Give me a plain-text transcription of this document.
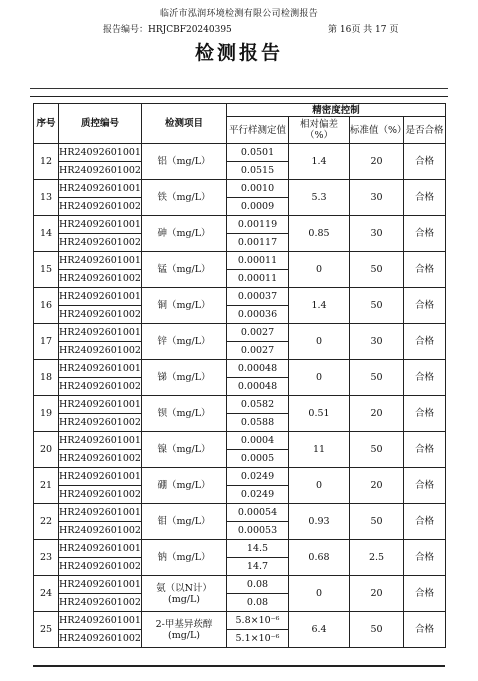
临沂市泓润环境检测有限公司检测报告
报告编号：HRJCBF20240395	第 16页 共 17 页
检测报告
序号	质控编号	检测项目	精密度控制			
			平行样测定值	相对偏差（%）	标准值（%）	是否合格
12	HR24092601001	铝（mg/L）	0.0501	1.4	20	合格
	HR24092601002		0.0515			
13	HR24092601001	铁（mg/L）	0.0010	5.3	30	合格
	HR24092601002		0.0009			
14	HR24092601001	砷（mg/L）	0.00119	0.85	30	合格
	HR24092601002		0.00117			
15	HR24092601001	锰（mg/L）	0.00011	0	50	合格
	HR24092601002		0.00011			
16	HR24092601001	铜（mg/L）	0.00037	1.4	50	合格
	HR24092601002		0.00036			
17	HR24092601001	锌（mg/L）	0.0027	0	30	合格
	HR24092601002		0.0027			
18	HR24092601001	锑（mg/L）	0.00048	0	50	合格
	HR24092601002		0.00048			
19	HR24092601001	钡（mg/L）	0.0582	0.51	20	合格
	HR24092601002		0.0588			
20	HR24092601001	镍（mg/L）	0.0004	11	50	合格
	HR24092601002		0.0005			
21	HR24092601001	硼（mg/L）	0.0249	0	20	合格
	HR24092601002		0.0249			
22	HR24092601001	钼（mg/L）	0.00054	0.93	50	合格
	HR24092601002		0.00053			
23	HR24092601001	钠（mg/L）	14.5	0.68	2.5	合格
	HR24092601002		14.7			
24	HR24092601001	氨（以N计）(mg/L)	0.08	0	20	合格
	HR24092601002		0.08			
25	HR24092601001	2-甲基异莰醇(mg/L)	5.8×10⁻⁶	6.4	50	合格
	HR24092601002		5.1×10⁻⁶			
